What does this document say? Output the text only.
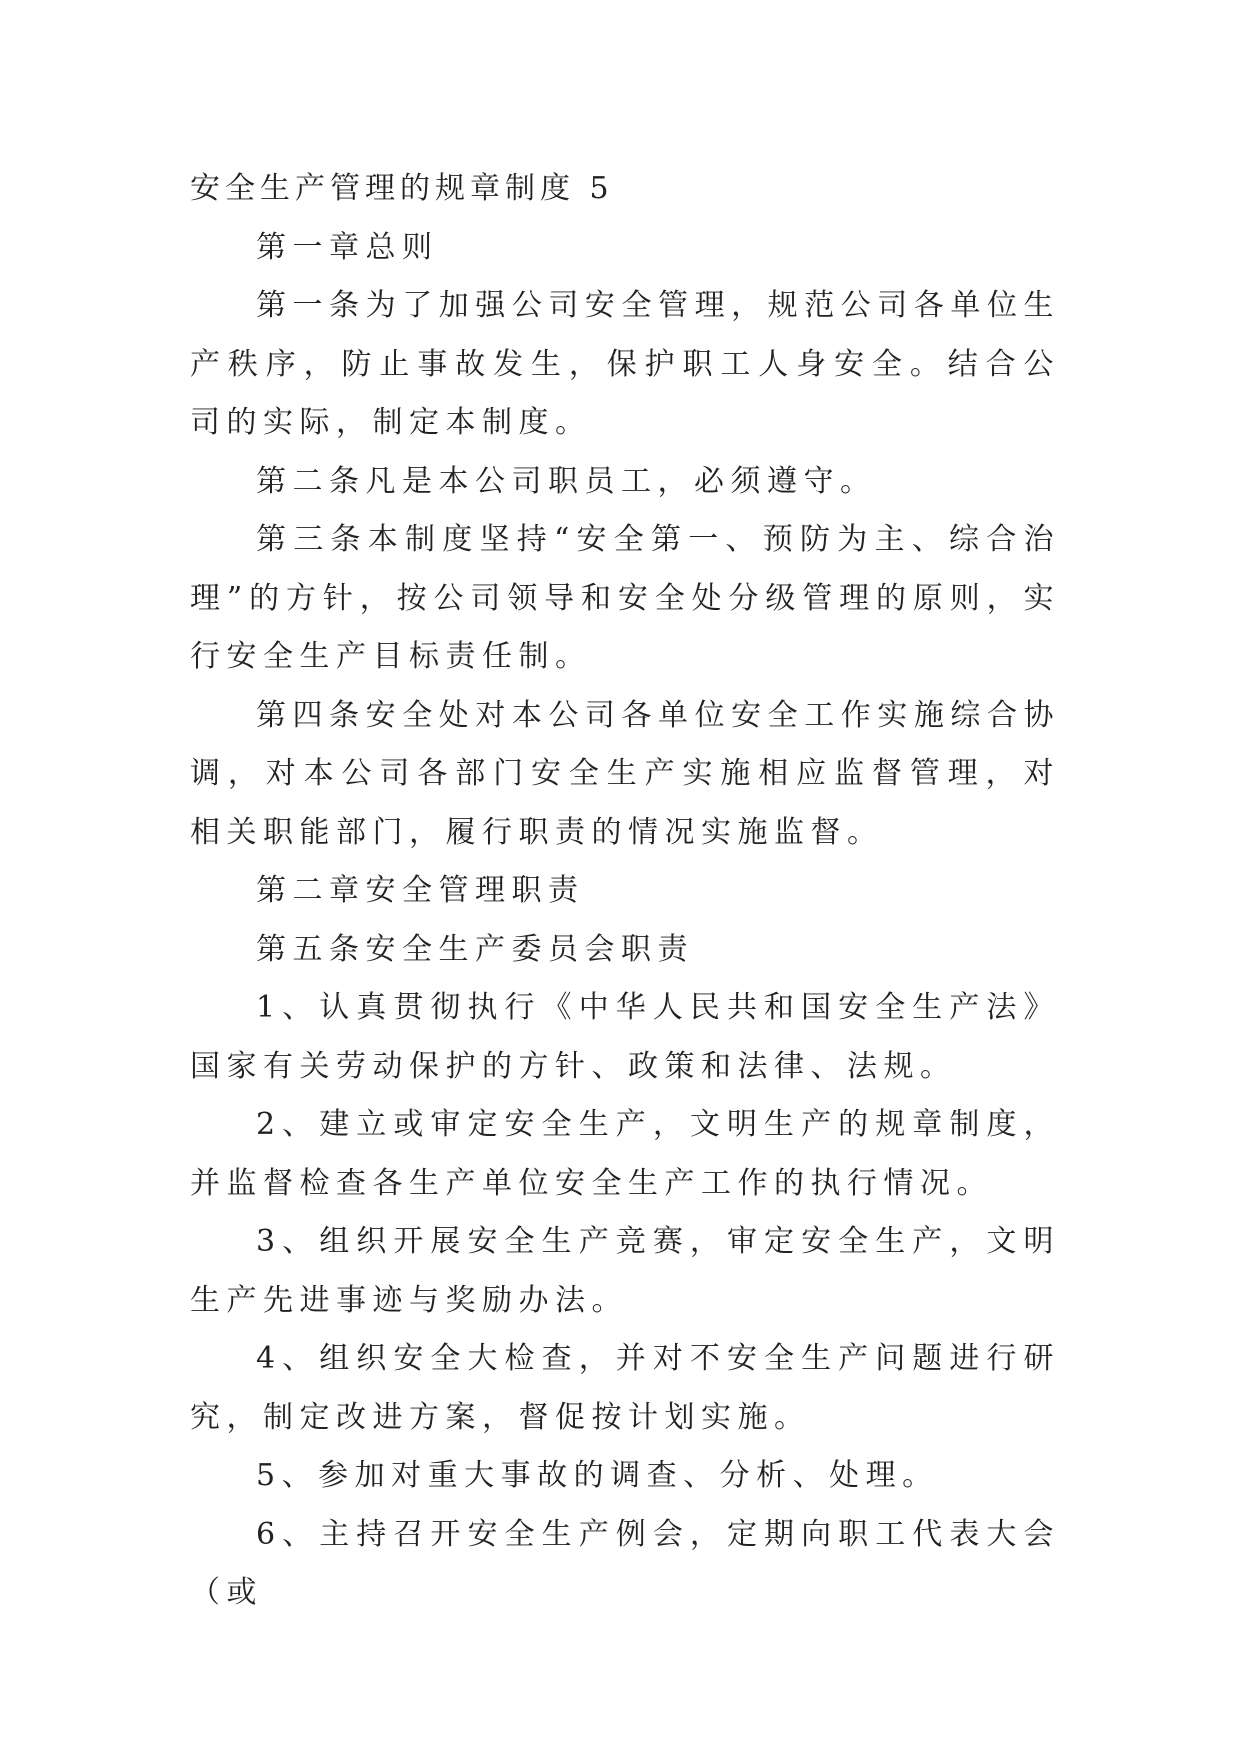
安全生产管理的规章制度 5

第一章总则

第一条为了加强公司安全管理，规范公司各单位生产秩序，防止事故发生，保护职工人身安全。结合公司的实际，制定本制度。

第二条凡是本公司职员工，必须遵守。

第三条本制度坚持“安全第一、预防为主、综合治理”的方针，按公司领导和安全处分级管理的原则，实行安全生产目标责任制。

第四条安全处对本公司各单位安全工作实施综合协调，对本公司各部门安全生产实施相应监督管理，对相关职能部门，履行职责的情况实施监督。

第二章安全管理职责

第五条安全生产委员会职责

1、认真贯彻执行《中华人民共和国安全生产法》国家有关劳动保护的方针、政策和法律、法规。

2、建立或审定安全生产，文明生产的规章制度，并监督检查各生产单位安全生产工作的执行情况。

3、组织开展安全生产竞赛，审定安全生产，文明生产先进事迹与奖励办法。

4、组织安全大检查，并对不安全生产问题进行研究，制定改进方案，督促按计划实施。

5、参加对重大事故的调查、分析、处理。

6、主持召开安全生产例会，定期向职工代表大会（或
